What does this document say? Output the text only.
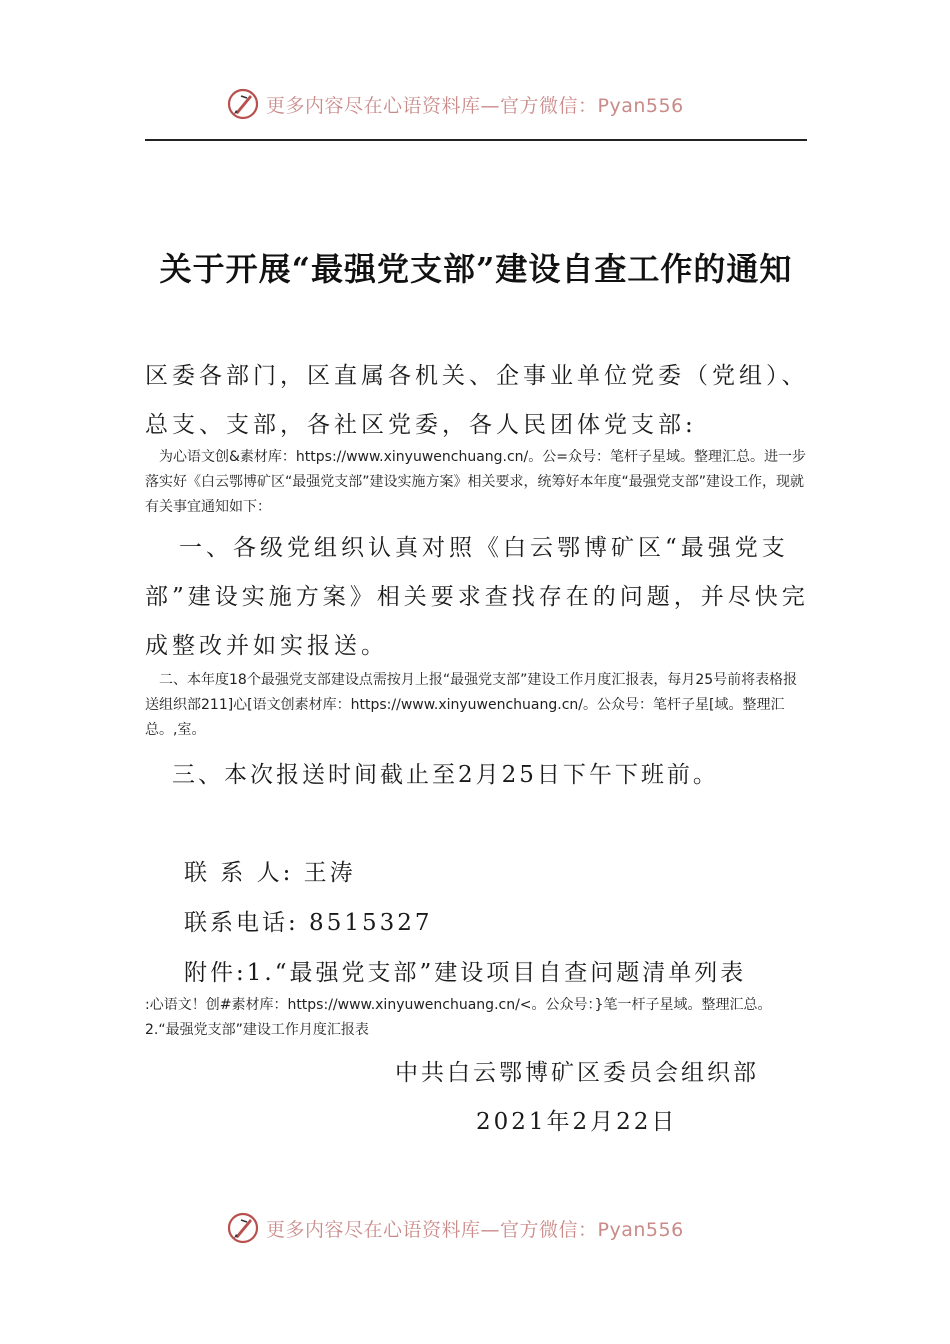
更多内容尽在心语资料库—官方微信：Pyan556
关于开展“最强党支部”建设自查工作的通知
区委各部门，区直属各机关、企事业单位党委（党组）、总支、支部，各社区党委，各人民团体党支部:
为心语文创&素材库：https://www.xinyuwenchuang.cn/。公=众号：笔杆子星域。整理汇总。进一步落实好《白云鄂博矿区“最强党支部”建设实施方案》相关要求，统筹好本年度“最强党支部”建设工作，现就有关事宜通知如下：
一、各级党组织认真对照《白云鄂博矿区“最强党支部”建设实施方案》相关要求查找存在的问题，并尽快完成整改并如实报送。
二、本年度18个最强党支部建设点需按月上报“最强党支部”建设工作月度汇报表，每月25号前将表格报送组织部211]心[语文创素材库：https://www.xinyuwenchuang.cn/。公众号：笔杆子星[域。整理汇总。,室。
三、本次报送时间截止至2月25日下午下班前。
联 系 人: 王涛
联系电话: 8515327
附件:1.“最强党支部”建设项目自查问题清单列表
:心语文！创#素材库：https://www.xinyuwenchuang.cn/<。公众号：}笔一杆子星域。整理汇总。　　2.“最强党支部”建设工作月度汇报表
中共白云鄂博矿区委员会组织部
2021年2月22日
更多内容尽在心语资料库—官方微信：Pyan556
